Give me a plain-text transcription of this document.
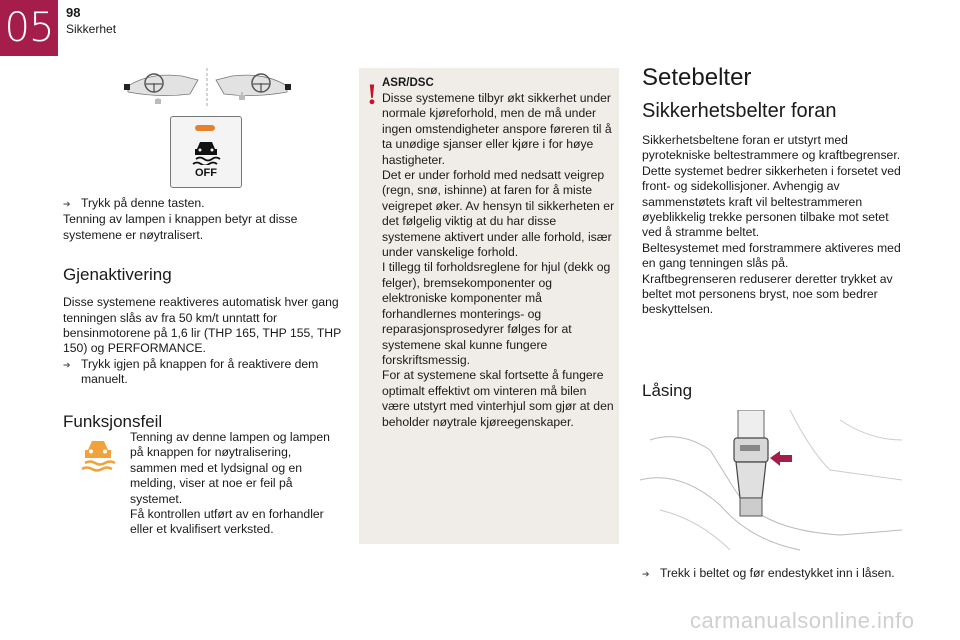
05 98
Sikkerhet
OFF
➔ Trykk på denne tasten.

Tenning av lampen i knappen betyr at disse systemene er nøytralisert.

Gjenaktivering

Disse systemene reaktiveres automatisk hver gang tenningen slås av fra 50 km/t unntatt for bensinmotorene på 1,6 lir (THP 165, THP 155, THP 150) og PERFORMANCE.

➔ Trykk igjen på knappen for å reaktivere dem manuelt.
Funksjonsfeil

Tenning av denne lampen og lampen på knappen for nøytralisering, sammen med et lydsignal og en melding, viser at noe er feil på systemet.

Få kontrollen utført av en forhandler eller et kvalifisert verksted.

! ASR/DSC

Disse systemene tilbyr økt sikkerhet under normale kjøreforhold, men de må under ingen omstendigheter anspore føreren til å ta unødige sjanser eller kjøre i for høye hastigheter.

Det er under forhold med nedsatt veigrep (regn, snø, ishinne) at faren for å miste veigrepet øker. Av hensyn til sikkerheten er det følgelig viktig at du har disse systemene aktivert under alle forhold, især under vanskelige forhold.

I tillegg til forholdsreglene for hjul (dekk og felger), bremsekomponenter og elektroniske komponenter må forhandlernes monterings- og reparasjonsprosedyrer følges for at systemene skal kunne fungere forskriftsmessig.

For at systemene skal fortsette å fungere optimalt effektivt om vinteren må bilen være utstyrt med vinterhjul som gjør at den beholder nøytrale kjøreegenskaper.

Setebelter
Sikkerhetsbelter foran

Sikkerhetsbeltene foran er utstyrt med pyrotekniske beltestrammere og kraftbegrenser.

Dette systemet bedrer sikkerheten i forsetet ved front- og sidekollisjoner. Avhengig av sammenstøtets kraft vil beltestrammeren øyeblikkelig trekke personen tilbake mot setet ved å stramme beltet.

Beltesystemet med forstrammere aktiveres med en gang tenningen slås på.

Kraftbegrenseren reduserer deretter trykket av beltet mot personens bryst, noe som bedrer beskyttelsen.

Låsing
➔ Trekk i beltet og før endestykket inn i låsen.
carmanualsonline.info
